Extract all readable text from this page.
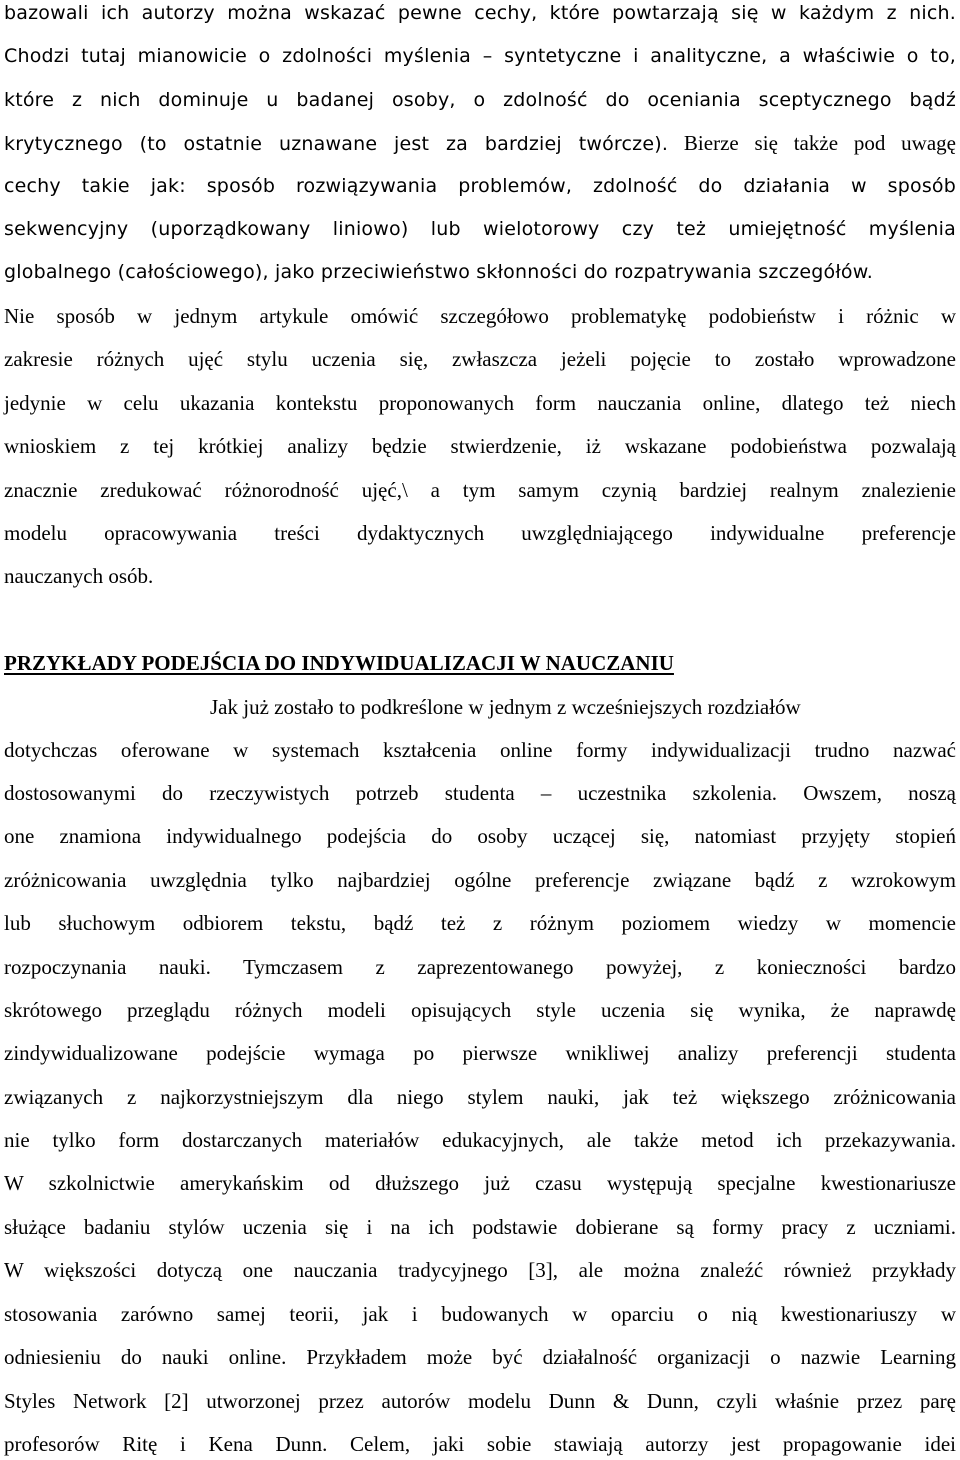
bazowali ich autorzy można wskazać pewne cechy, które powtarzają się w każdym z nich.
Chodzi tutaj mianowicie o zdolności myślenia – syntetyczne i analityczne, a właściwie o to,
które z nich dominuje u badanej osoby, o zdolność do oceniania sceptycznego bądź
krytycznego (to ostatnie uznawane jest za bardziej twórcze). Bierze się także pod uwagę
cechy takie jak: sposób rozwiązywania problemów, zdolność do działania w sposób
sekwencyjny (uporządkowany liniowo) lub wielotorowy czy też umiejętność myślenia
globalnego (całościowego), jako przeciwieństwo skłonności do rozpatrywania szczegółów.
Nie sposób w jednym artykule omówić szczegółowo problematykę podobieństw i różnic w
zakresie różnych ujęć stylu uczenia się, zwłaszcza jeżeli pojęcie to zostało wprowadzone
jedynie w celu ukazania kontekstu proponowanych form nauczania online, dlatego też niech
wnioskiem z tej krótkiej analizy będzie stwierdzenie, iż wskazane podobieństwa pozwalają
znacznie zredukować różnorodność ujęć,\ a tym samym czynią bardziej realnym znalezienie
modelu opracowywania treści dydaktycznych uwzględniającego indywidualne preferencje
nauczanych osób.
PRZYKŁADY PODEJŚCIA DO INDYWIDUALIZACJI W NAUCZANIU
Jak już zostało to podkreślone w jednym z wcześniejszych rozdziałów
dotychczas oferowane w systemach kształcenia online formy indywidualizacji trudno nazwać
dostosowanymi do rzeczywistych potrzeb studenta – uczestnika szkolenia. Owszem, noszą
one znamiona indywidualnego podejścia do osoby uczącej się, natomiast przyjęty stopień
zróżnicowania uwzględnia tylko najbardziej ogólne preferencje związane bądź z wzrokowym
lub słuchowym odbiorem tekstu, bądź też z różnym poziomem wiedzy w momencie
rozpoczynania nauki. Tymczasem z zaprezentowanego powyżej, z konieczności bardzo
skrótowego przeglądu różnych modeli opisujących style uczenia się wynika, że naprawdę
zindywidualizowane podejście wymaga po pierwsze wnikliwej analizy preferencji studenta
związanych z najkorzystniejszym dla niego stylem nauki, jak też większego zróżnicowania
nie tylko form dostarczanych materiałów edukacyjnych, ale także metod ich przekazywania.
W szkolnictwie amerykańskim od dłuższego już czasu występują specjalne kwestionariusze
służące badaniu stylów uczenia się i na ich podstawie dobierane są formy pracy z uczniami.
W większości dotyczą one nauczania tradycyjnego [3], ale można znaleźć również przykłady
stosowania zarówno samej teorii, jak i budowanych w oparciu o nią kwestionariuszy w
odniesieniu do nauki online. Przykładem może być działalność organizacji o nazwie Learning
Styles Network [2] utworzonej przez autorów modelu Dunn & Dunn, czyli właśnie przez parę
profesorów Ritę i Kena Dunn. Celem, jaki sobie stawiają autorzy jest propagowanie idei
